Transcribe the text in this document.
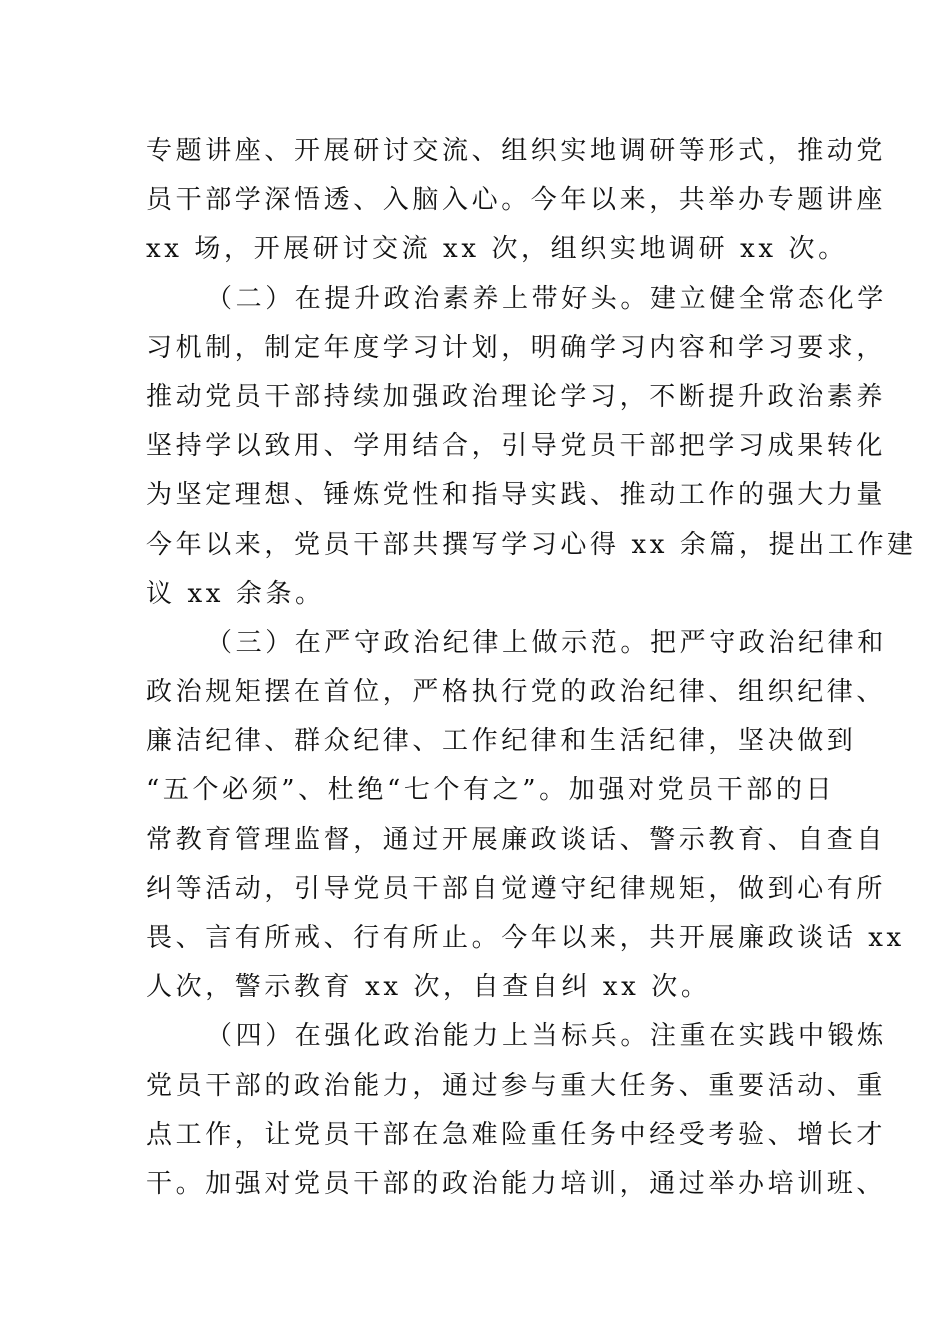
专题讲座、开展研讨交流、组织实地调研等形式，推动党
员干部学深悟透、入脑入心。今年以来，共举办专题讲座
xx 场，开展研讨交流 xx 次，组织实地调研 xx 次。
（二）在提升政治素养上带好头。建立健全常态化学
习机制，制定年度学习计划，明确学习内容和学习要求，
推动党员干部持续加强政治理论学习，不断提升政治素养
坚持学以致用、学用结合，引导党员干部把学习成果转化
为坚定理想、锤炼党性和指导实践、推动工作的强大力量
今年以来，党员干部共撰写学习心得 xx 余篇，提出工作建
议 xx 余条。
（三）在严守政治纪律上做示范。把严守政治纪律和
政治规矩摆在首位，严格执行党的政治纪律、组织纪律、
廉洁纪律、群众纪律、工作纪律和生活纪律，坚决做到
“五个必须”、杜绝“七个有之”。加强对党员干部的日
常教育管理监督，通过开展廉政谈话、警示教育、自查自
纠等活动，引导党员干部自觉遵守纪律规矩，做到心有所
畏、言有所戒、行有所止。今年以来，共开展廉政谈话 xx
人次，警示教育 xx 次，自查自纠 xx 次。
（四）在强化政治能力上当标兵。注重在实践中锻炼
党员干部的政治能力，通过参与重大任务、重要活动、重
点工作，让党员干部在急难险重任务中经受考验、增长才
干。加强对党员干部的政治能力培训，通过举办培训班、
